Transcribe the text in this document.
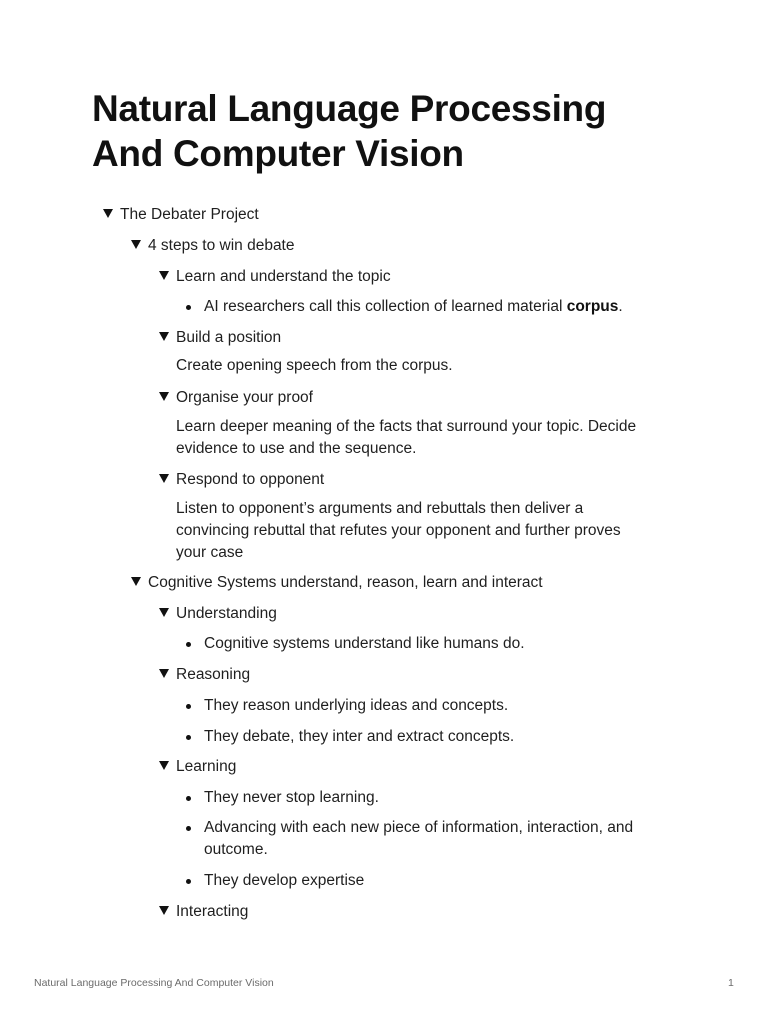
Natural Language Processing
And Computer Vision
The Debater Project
4 steps to win debate
Learn and understand the topic
AI researchers call this collection of learned material corpus.
Build a position
Create opening speech from the corpus.
Organise your proof
Learn deeper meaning of the facts that surround your topic. Decide
evidence to use and the sequence.
Respond to opponent
Listen to opponent’s arguments and rebuttals then deliver a
convincing rebuttal that refutes your opponent and further proves
your case
Cognitive Systems understand, reason, learn and interact
Understanding
Cognitive systems understand like humans do.
Reasoning
They reason underlying ideas and concepts.
They debate, they inter and extract concepts.
Learning
They never stop learning.
Advancing with each new piece of information, interaction, and
outcome.
They develop expertise
Interacting
Natural Language Processing And Computer Vision	1
